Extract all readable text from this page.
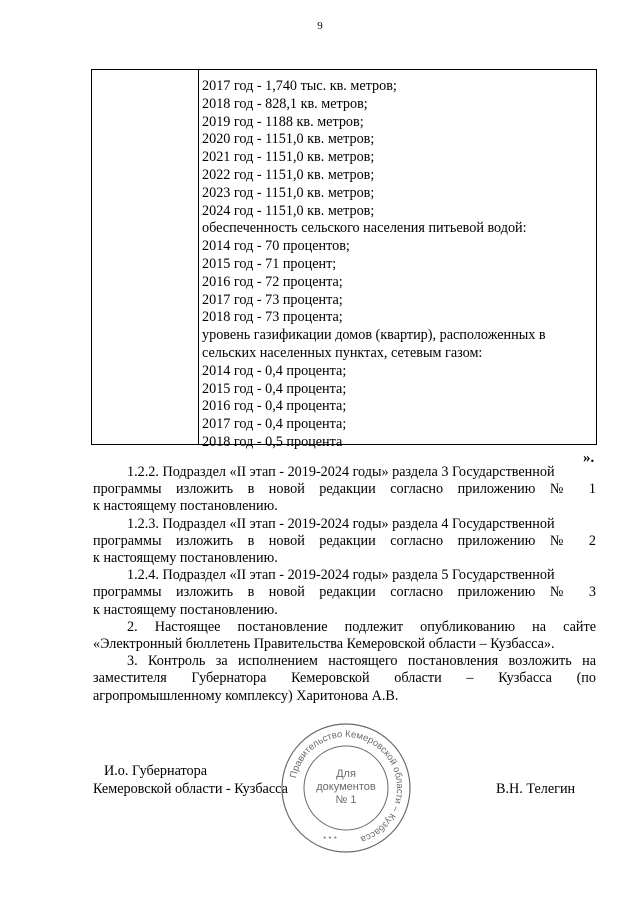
9
2017 год - 1,740 тыс. кв. метров;
2018 год - 828,1 кв. метров;
2019 год - 1188 кв. метров;
2020 год - 1151,0 кв. метров;
2021 год - 1151,0 кв. метров;
2022 год - 1151,0 кв. метров;
2023 год - 1151,0 кв. метров;
2024 год - 1151,0 кв. метров;
обеспеченность сельского населения питьевой водой:
2014 год - 70 процентов;
2015 год - 71 процент;
2016 год - 72 процента;
2017 год - 73 процента;
2018 год - 73 процента;
уровень газификации домов (квартир), расположенных в
сельских населенных пунктах, сетевым газом:
2014 год - 0,4 процента;
2015 год - 0,4 процента;
2016 год - 0,4 процента;
2017 год - 0,4 процента;
2018 год - 0,5 процента
».
1.2.2. Подраздел «II этап - 2019-2024 годы» раздела 3 Государственной
программы изложить в новой редакции согласно приложению № 1
к настоящему постановлению.
1.2.3. Подраздел «II этап - 2019-2024 годы» раздела 4 Государственной
программы изложить в новой редакции согласно приложению № 2
к настоящему постановлению.
1.2.4. Подраздел «II этап - 2019-2024 годы» раздела 5 Государственной
программы изложить в новой редакции согласно приложению № 3
к настоящему постановлению.
2. Настоящее постановление подлежит опубликованию на сайте
«Электронный бюллетень Правительства Кемеровской области – Кузбасса».
3. Контроль за исполнением настоящего постановления возложить на
заместителя Губернатора Кемеровской области – Кузбасса (по
агропромышленному комплексу) Харитонова А.В.
И.о. Губернатора
Кемеровской области - Кузбасса	В.Н. Телегин
Правительство Кемеровской области – Кузбасса
Для
документов
№ 1
* * *
